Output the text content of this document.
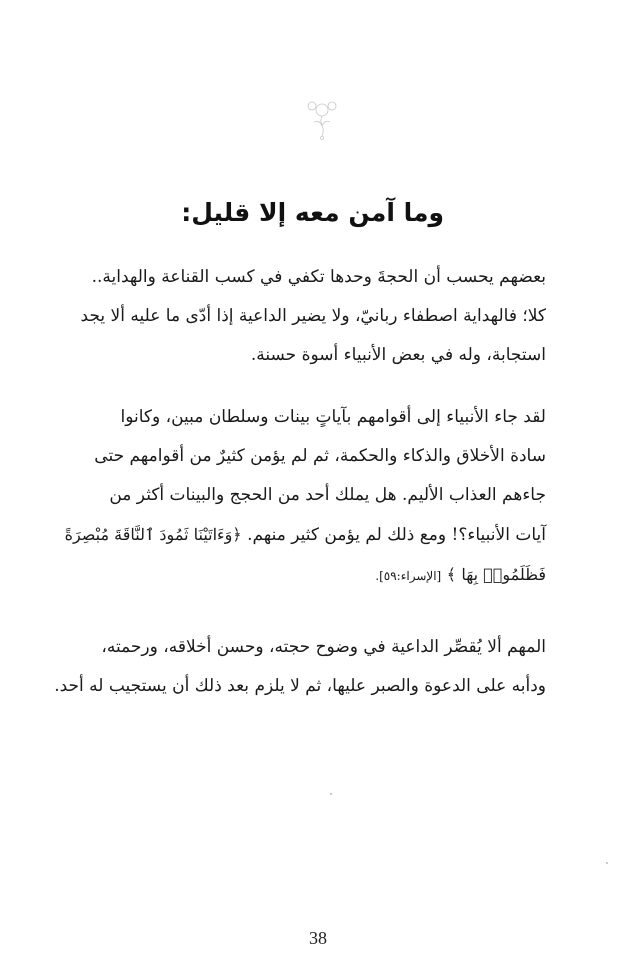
وما آمن معه إلا قليل:
بعضهم يحسب أن الحجةَ وحدها تكفي في كسب القناعة والهداية..
كلا؛ فالهداية اصطفاء ربانيّ، ولا يضير الداعية إذا أدّى ما عليه ألا يجد
استجابة، وله في بعض الأنبياء أسوة حسنة.
لقد جاء الأنبياء إلى أقوامهم بآياتٍ بينات وسلطان مبين، وكانوا
سادة الأخلاق والذكاء والحكمة، ثم لم يؤمن كثيرٌ من أقوامهم حتى
جاءهم العذاب الأليم. هل يملك أحد من الحجج والبينات أكثر من
آيات الأنبياء؟! ومع ذلك لم يؤمن كثير منهم. ﴿وَءَاتَيْنَا ثَمُودَ ٱلنَّاقَةَ مُبْصِرَةً
فَظَلَمُوا۟ بِهَا ﴾ [الإسراء:٥٩].
المهم ألا يُقصِّر الداعية في وضوح حجته، وحسن أخلاقه، ورحمته،
ودأبه على الدعوة والصبر عليها، ثم لا يلزم بعد ذلك أن يستجيب له أحد.
38
